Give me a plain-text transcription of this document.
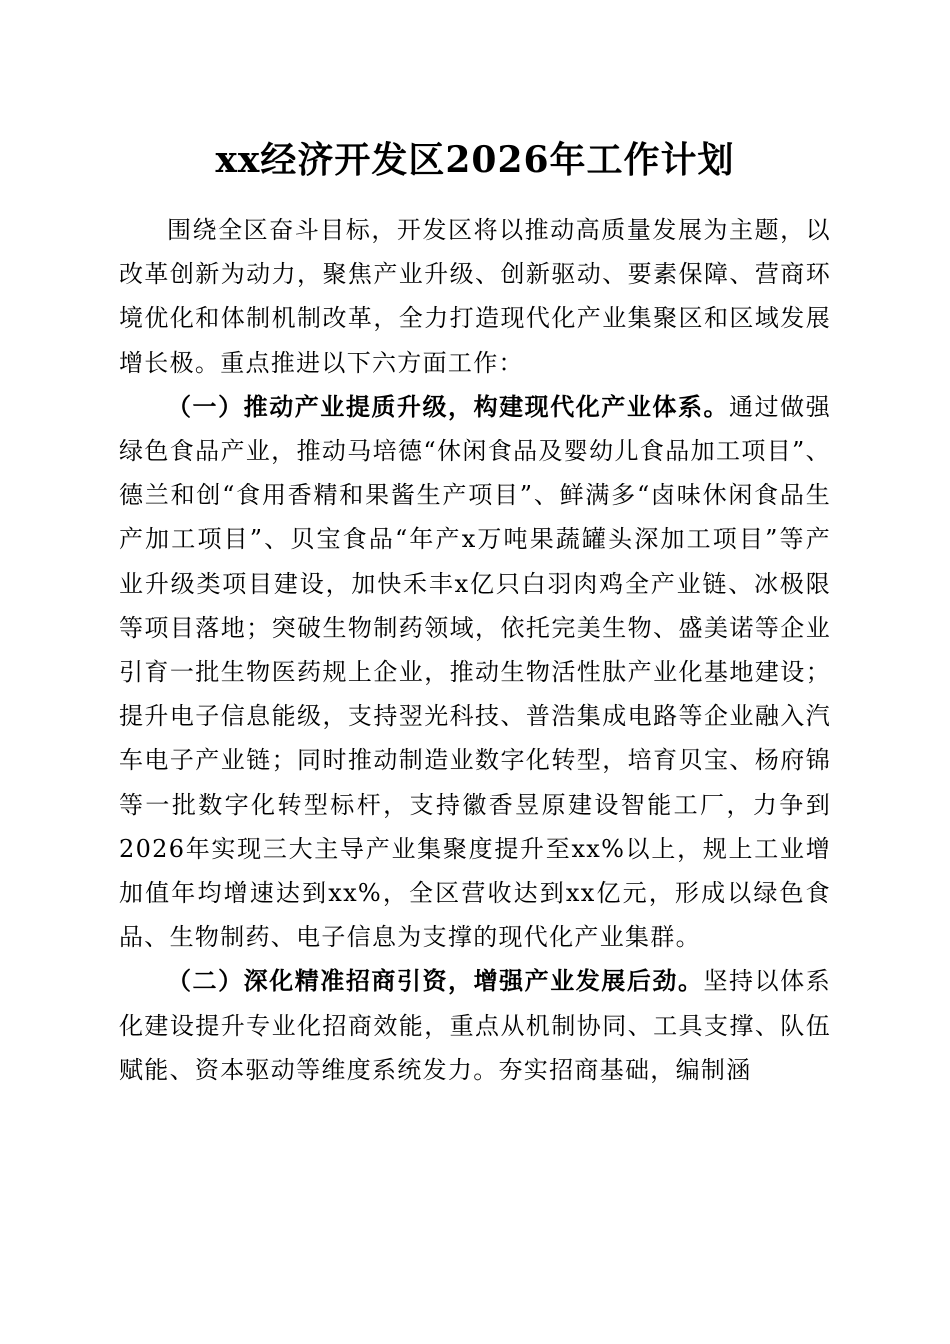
xx经济开发区2026年工作计划

围绕全区奋斗目标，开发区将以推动高质量发展为主题，以改革创新为动力，聚焦产业升级、创新驱动、要素保障、营商环境优化和体制机制改革，全力打造现代化产业集聚区和区域发展增长极。重点推进以下六方面工作：

（一）推动产业提质升级，构建现代化产业体系。通过做强绿色食品产业，推动马培德“休闲食品及婴幼儿食品加工项目”、德兰和创“食用香精和果酱生产项目”、鲜满多“卤味休闲食品生产加工项目”、贝宝食品“年产x万吨果蔬罐头深加工项目”等产业升级类项目建设，加快禾丰x亿只白羽肉鸡全产业链、冰极限等项目落地；突破生物制药领域，依托完美生物、盛美诺等企业引育一批生物医药规上企业，推动生物活性肽产业化基地建设；提升电子信息能级，支持翌光科技、普浩集成电路等企业融入汽车电子产业链；同时推动制造业数字化转型，培育贝宝、杨府锦等一批数字化转型标杆，支持徽香昱原建设智能工厂，力争到2026年实现三大主导产业集聚度提升至xx%以上，规上工业增加值年均增速达到xx%，全区营收达到xx亿元，形成以绿色食品、生物制药、电子信息为支撑的现代化产业集群。

（二）深化精准招商引资，增强产业发展后劲。坚持以体系化建设提升专业化招商效能，重点从机制协同、工具支撑、队伍赋能、资本驱动等维度系统发力。夯实招商基础，编制涵
